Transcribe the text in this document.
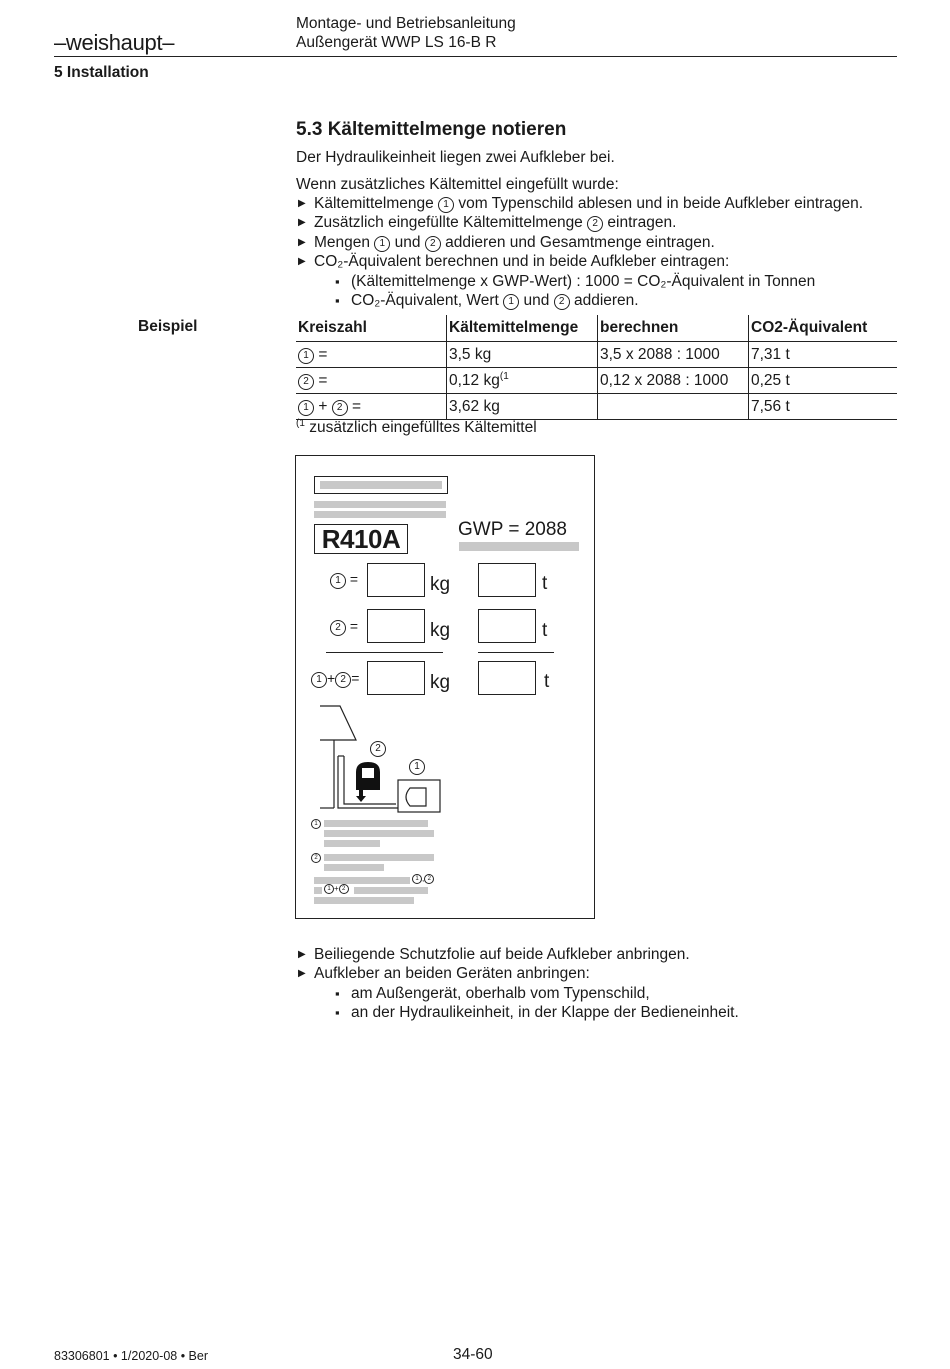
–weishaupt–
Montage- und Betriebsanleitung
Außengerät WWP LS 16-B R
5 Installation
5.3 Kältemittelmenge notieren
Der Hydraulikeinheit liegen zwei Aufkleber bei.
Wenn zusätzliches Kältemittel eingefüllt wurde:
▶ Kältemittelmenge 1 vom Typenschild ablesen und in beide Aufkleber eintragen.
▶ Zusätzlich eingefüllte Kältemittelmenge 2 eintragen.
▶ Mengen 1 und 2 addieren und Gesamtmenge eintragen.
▶ CO₂-Äquivalent berechnen und in beide Aufkleber eintragen:
▪ (Kältemittelmenge x GWP-Wert) : 1000 = CO₂-Äquivalent in Tonnen
▪ CO₂-Äquivalent, Wert 1 und 2 addieren.
Beispiel	Kreiszahl	Kältemittelmenge	berechnen	CO2-Äquivalent
1 =	3,5 kg	3,5 x 2088 : 1000	7,31 t
2 =	0,12 $kg^{(1}$	0,12 x 2088 : 1000	0,25 t
1 + 2 =	3,62 kg		7,56 t
$^{(1}$ zusätzlich eingefülltes Kältemittel
R410A	GWP = 2088
1 =	kg	t
2 =	kg	t
1 + 2 =	kg	t
2
1
1
2
1 , 2
1 + 2
▶ Beiliegende Schutzfolie auf beide Aufkleber anbringen.
▶ Aufkleber an beiden Geräten anbringen:
▪ am Außengerät, oberhalb vom Typenschild,
▪ an der Hydraulikeinheit, in der Klappe der Bedieneinheit.
83306801 • 1/2020-08 • Ber	34-60
